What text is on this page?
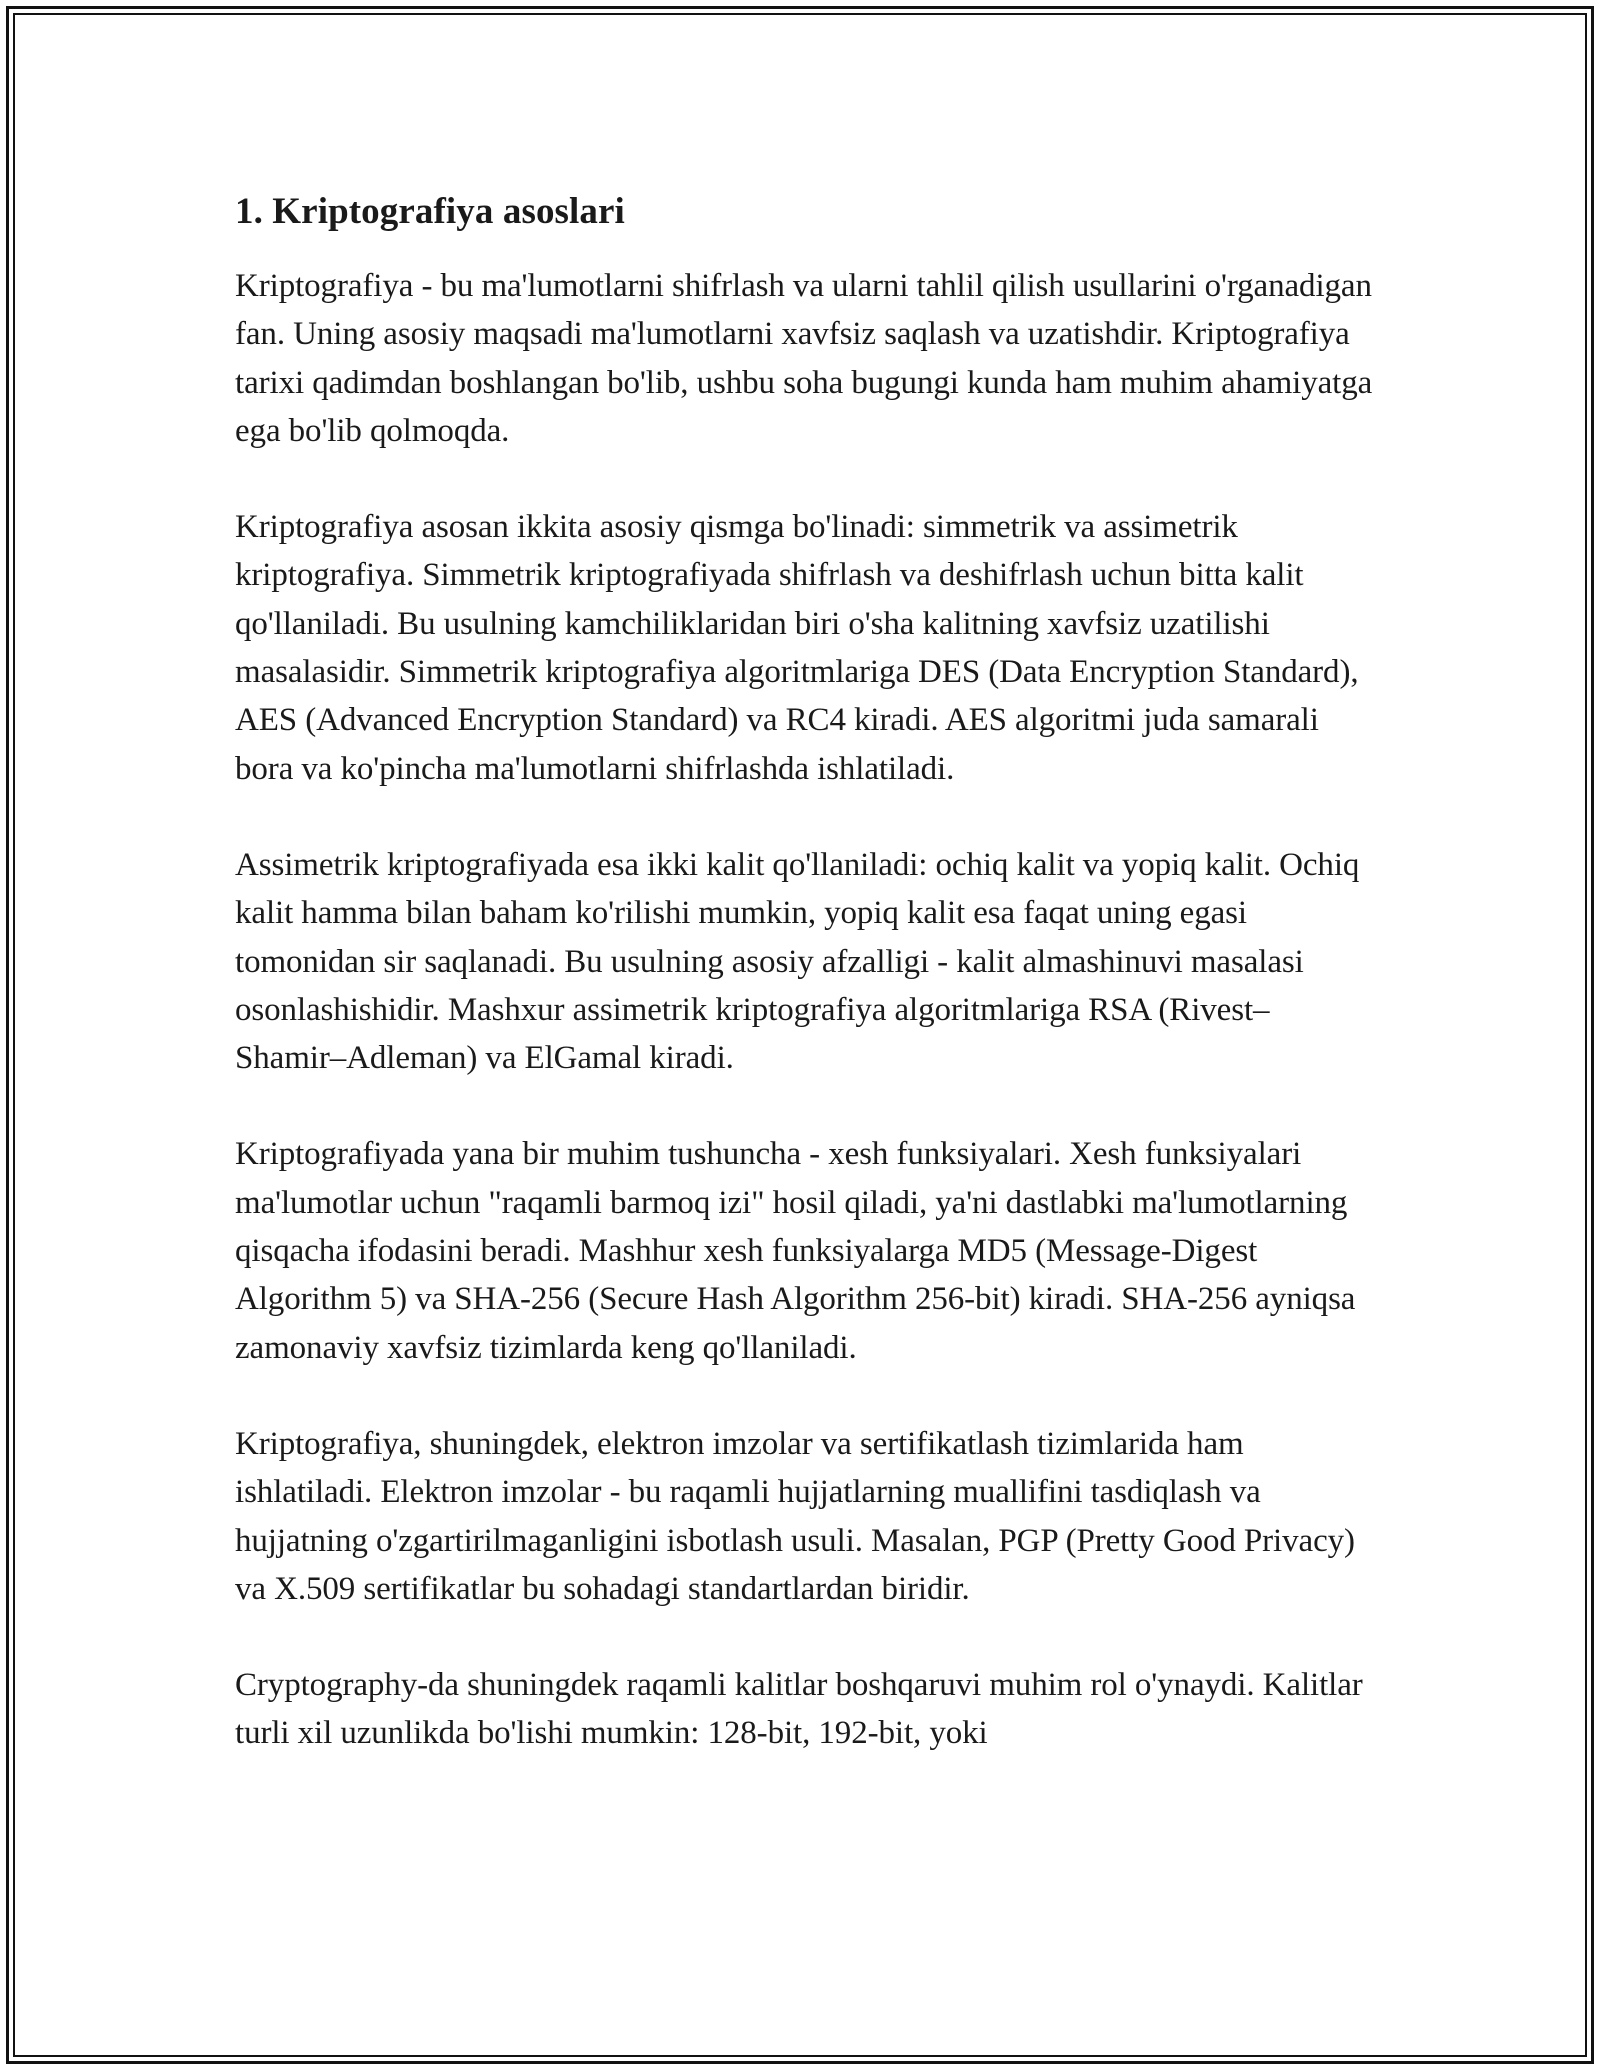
1. Kriptografiya asoslari

Kriptografiya - bu ma'lumotlarni shifrlash va ularni tahlil qilish usullarini o'rganadigan fan. Uning asosiy maqsadi ma'lumotlarni xavfsiz saqlash va uzatishdir. Kriptografiya tarixi qadimdan boshlangan bo'lib, ushbu soha bugungi kunda ham muhim ahamiyatga ega bo'lib qolmoqda.

Kriptografiya asosan ikkita asosiy qismga bo'linadi: simmetrik va assimetrik kriptografiya. Simmetrik kriptografiyada shifrlash va deshifrlash uchun bitta kalit qo'llaniladi. Bu usulning kamchiliklaridan biri o'sha kalitning xavfsiz uzatilishi masalasidir. Simmetrik kriptografiya algoritmlariga DES (Data Encryption Standard), AES (Advanced Encryption Standard) va RC4 kiradi. AES algoritmi juda samarali bora va ko'pincha ma'lumotlarni shifrlashda ishlatiladi.

Assimetrik kriptografiyada esa ikki kalit qo'llaniladi: ochiq kalit va yopiq kalit. Ochiq kalit hamma bilan baham ko'rilishi mumkin, yopiq kalit esa faqat uning egasi tomonidan sir saqlanadi. Bu usulning asosiy afzalligi - kalit almashinuvi masalasi osonlashishidir. Mashxur assimetrik kriptografiya algoritmlariga RSA (Rivest–Shamir–Adleman) va ElGamal kiradi.

Kriptografiyada yana bir muhim tushuncha - xesh funksiyalari. Xesh funksiyalari ma'lumotlar uchun "raqamli barmoq izi" hosil qiladi, ya'ni dastlabki ma'lumotlarning qisqacha ifodasini beradi. Mashhur xesh funksiyalarga MD5 (Message-Digest Algorithm 5) va SHA-256 (Secure Hash Algorithm 256-bit) kiradi. SHA-256 ayniqsa zamonaviy xavfsiz tizimlarda keng qo'llaniladi.

Kriptografiya, shuningdek, elektron imzolar va sertifikatlash tizimlarida ham ishlatiladi. Elektron imzolar - bu raqamli hujjatlarning muallifini tasdiqlash va hujjatning o'zgartirilmaganligini isbotlash usuli. Masalan, PGP (Pretty Good Privacy) va X.509 sertifikatlar bu sohadagi standartlardan biridir.

Cryptography-da shuningdek raqamli kalitlar boshqaruvi muhim rol o'ynaydi. Kalitlar turli xil uzunlikda bo'lishi mumkin: 128-bit, 192-bit, yoki
